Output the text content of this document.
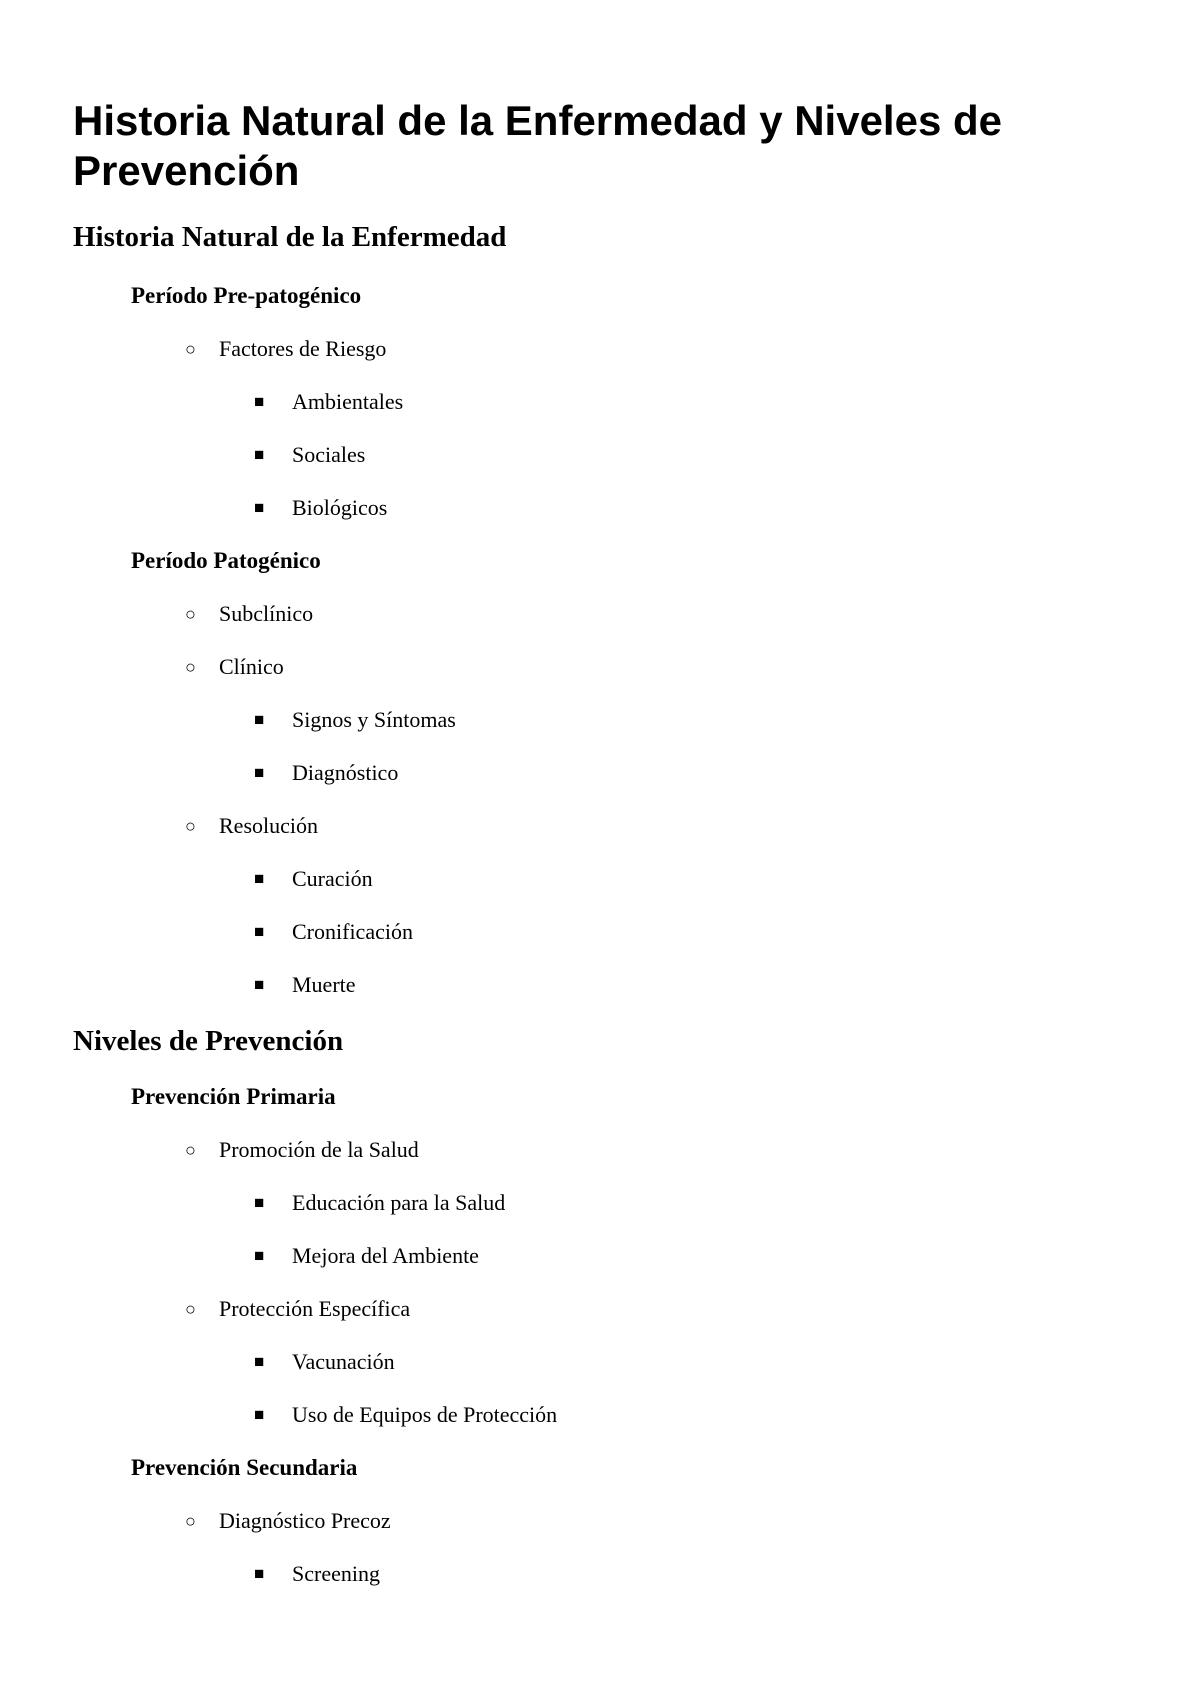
Historia Natural de la Enfermedad y Niveles de Prevención
Historia Natural de la Enfermedad
Período Pre-patogénico
○ Factores de Riesgo
■ Ambientales
■ Sociales
■ Biológicos
Período Patogénico
○ Subclínico
○ Clínico
■ Signos y Síntomas
■ Diagnóstico
○ Resolución
■ Curación
■ Cronificación
■ Muerte
Niveles de Prevención
Prevención Primaria
○ Promoción de la Salud
■ Educación para la Salud
■ Mejora del Ambiente
○ Protección Específica
■ Vacunación
■ Uso de Equipos de Protección
Prevención Secundaria
○ Diagnóstico Precoz
■ Screening
